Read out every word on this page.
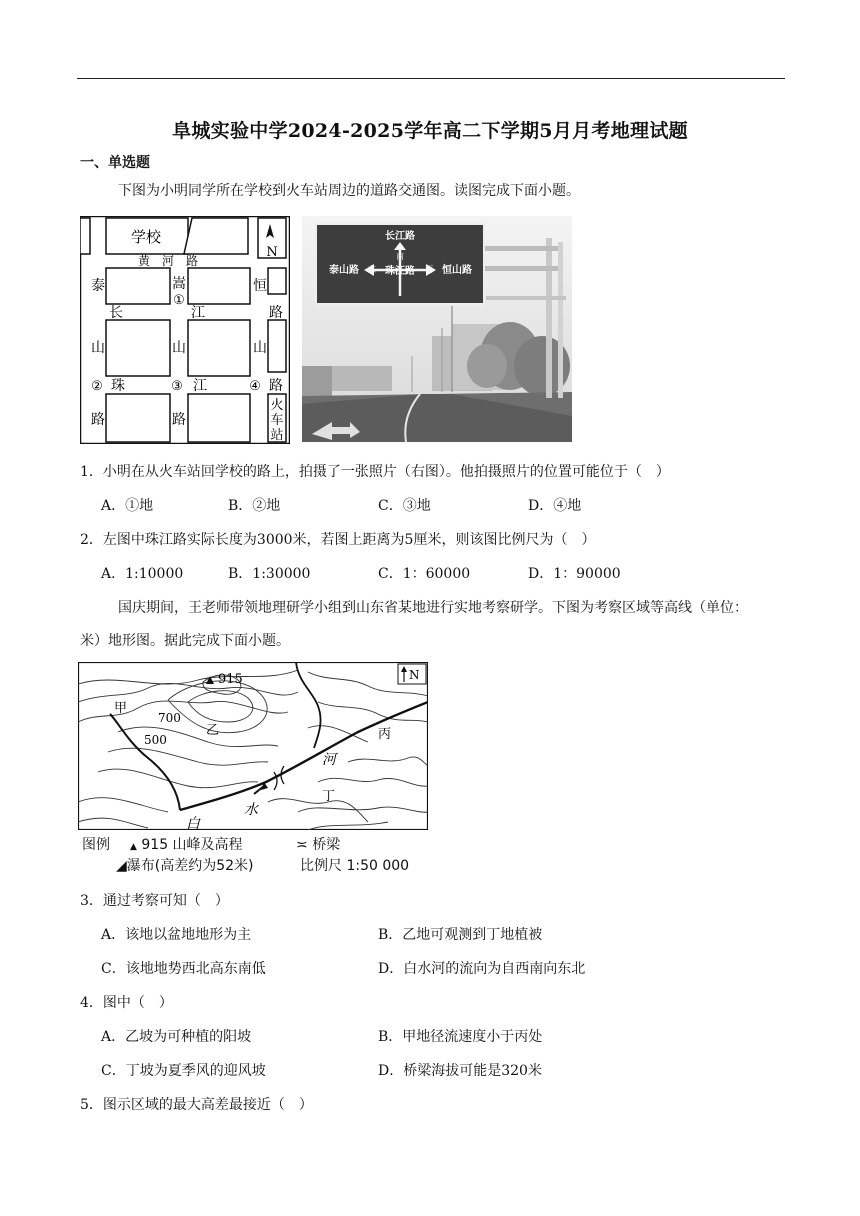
阜城实验中学2024-2025学年高二下学期5月月考地理试题
一、单选题
下图为小明同学所在学校到火车站周边的道路交通图。读图完成下面小题。
学校
N
黄　河　路
嵩
山
路
泰
山
路
恒
山
路
长	江	路
珠	江
火
车
站
①
②	③	④
长江路
南
东	西
泰山路	珠江路	恒山路
1．小明在从火车站回学校的路上，拍摄了一张照片（右图）。他拍摄照片的位置可能位于（　）
A．①地	B．②地	C．③地	D．④地
2．左图中珠江路实际长度为3000米，若图上距离为5厘米，则该图比例尺为（　）
A．1:10000	B．1:30000	C．1：60000	D．1：90000
国庆期间，王老师带领地理研学小组到山东省某地进行实地考察研学。下图为考察区域等高线（单位：
米）地形图。据此完成下面小题。
915
700
500
甲
乙	丙
丁
白
水
河
N
图例 ▲ 915 山峰及高程	≍ 桥梁
◢瀑布(高差约为52米)	比例尺 1:50 000
3．通过考察可知（　）
A．该地以盆地地形为主	B．乙地可观测到丁地植被
C．该地地势西北高东南低	D．白水河的流向为自西南向东北
4．图中（　）
A．乙坡为可种植的阳坡	B．甲地径流速度小于丙处
C．丁坡为夏季风的迎风坡	D．桥梁海拔可能是320米
5．图示区域的最大高差最接近（　）
